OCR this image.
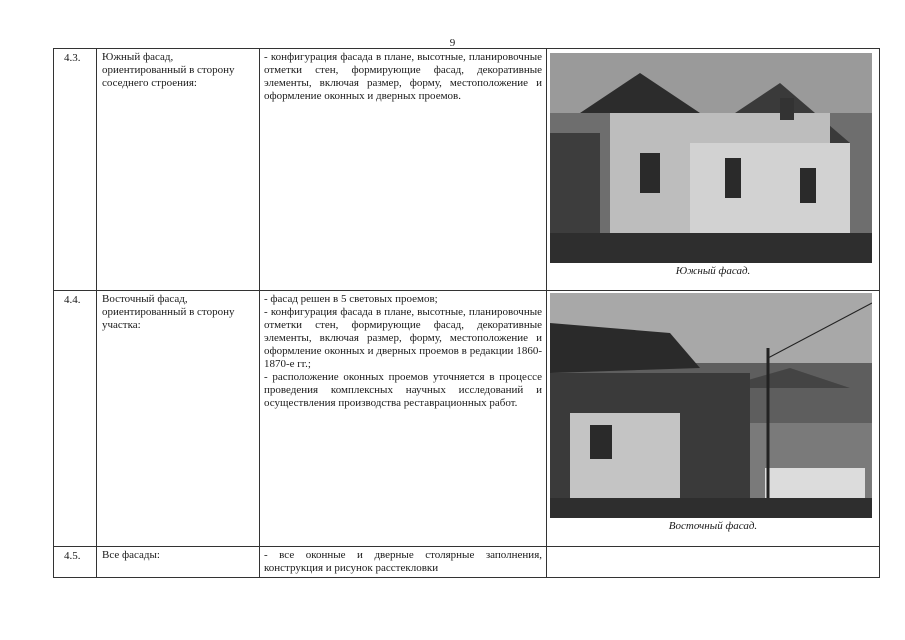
9
4.3.	Южный фасад, ориентированный в сторону соседнего строения:	- конфигурация фасада в плане, высотные, планировочные отметки стен, формирующие фасад, декоративные элементы, включая размер, форму, местоположение и оформление оконных и дверных проемов.	Южный фасад.

4.4.	Восточный фасад, ориентированный в сторону участка:	- фасад решен в 5 световых проемов;

- конфигурация фасада в плане, высотные, планировочные отметки стен, формирующие фасад, декоративные элементы, включая размер, форму, местоположение и оформление оконных и дверных проемов в редакции 1860-1870-е гг.;

- расположение оконных проемов уточняется в процессе проведения комплексных научных исследований и осуществления производства реставрационных работ.	Восточный фасад.

4.5.	Все фасады:	- все оконные и дверные столярные заполнения, конструкция и рисунок расстекловки	
